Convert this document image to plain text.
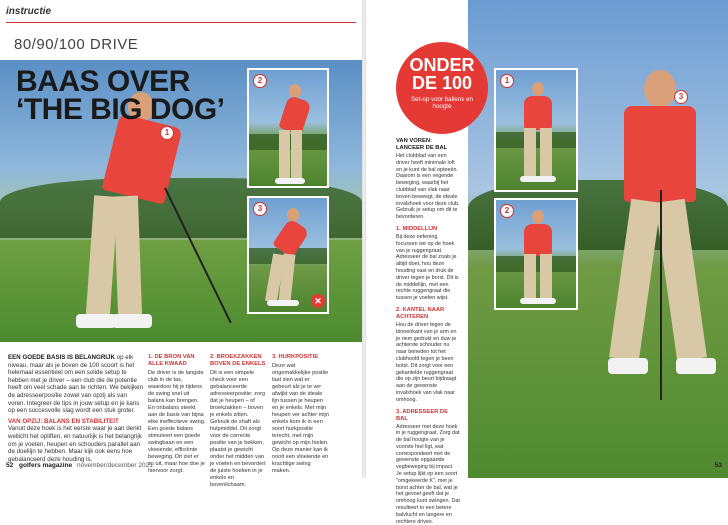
instructie
80/90/100 DRIVE
1
BAAS OVER
‘THE BIG DOG’
2
3
✕
EEN GOEDE BASIS IS BELANGRIJK op elk niveau, maar als je boven de 100 scoort is het helemaal essentieel om een solide setup te hebben met je driver – een club die de potentie heeft om veel schade aan te richten. We bekijken de adresseerpositie zowel van opzij als van voren. Integreer de tips in jouw setup en je kans op een succesvolle slag wordt een stuk groter.
VAN OPZIJ: BALANS EN STABILITEIT
Vanuit deze hoek is het eerste waar je aan denkt wellicht het opliften, en natuurlijk is het belangrijk om je voeten, heupen en schouders parallel aan de doellijn te hebben. Maar kijk ook eens hoe gebalanceerd deze houding is.
1. DE BRON VAN ALLE KWAAD
De driver is de langste club in de tas, waardoor hij je tijdens de swing snel uit balans kan brengen. En onbalans steekt aan de basis van bijna elke ineffectieve swing. Een goede balans stimuleert een goede swingbaan en een vloeiende, efficiënte beweging. Dit ziet er zo uit, maar hoe doe je hiervoor zorgt.
2. BROEKZAKKEN BOVEN DE ENKELS
Dit is een simpele check voor een gebalanceerde adresseerpositie: zorg dat je heupen – of broekzakken – boven je enkels zitten. Gebruik de shaft als hulpmiddel. Dit zorgt voor de correcte positie van je bekken, plaatst je gewicht onder het midden van je voeten en bevordert de juiste hoeken in je enkels en bovenlichaam.
3. HURKPOSITIE
Deze wat ongemakkelijke positie laat zien wat er gebeurt als je te ver afwijkt van de ideale lijn tussen je heupen en je enkels. Met mijn heupen ver achter mijn enkels kom ik in een soort hurkpositie terecht, met mijn gewicht op mijn hielen. Op deze manier kan ik nooit een vloeiende en krachtige swing maken.
52 golfers magazine november/december 2021
3
1
2
ONDER
DE 100
Set-up voor ballens en hoogte
VAN VOREN: LANCEER DE BAL
Het clubblad van een driver heeft minimale loft en je kunt de bal opteeën. Daarom is een vegende beweging, waarbij het clubblad van vlak naar boven beweegt, de ideale invalshoek voor deze club. Gebruik je setup om dit te bevorderen.
1. MIDDELLIJN
Bij deze oefening focussen we op de hoek van je ruggengraat. Adresseer de bal zoals je altijd doet, hou deze houding vast en druk de driver tegen je borst. Dit is de middellijn, met een rechte ruggengraat die tussen je voeten wijst.
2. KANTEL NAAR ACHTEREN
Hou de driver tegen de binnenkant van je arm en je riem gedrukt en duw je achterste schouder nu naar beneden tot het clubhoofd tegen je been botst. Dit zorgt voor een gekantelde ruggengraat die op zijn beurt bijdraagt aan de gewenste invalshoek van vlak naar omhoog.
3. ADRESSEER DE BAL
Adresseer met deze hoek in je ruggengraat. Zorg dat de bal hoogte van je voorste hiel ligt, wat correspondeert met de gewenste opgaande vegbeweging bij impact. Je setup lijkt op een soort "omgekeerde K", met je borst achter de bal, wat je het gevoel geeft dat je omhoog kunt swingen. Dat resulteert in een betere balvlucht en langere en rechtere drives.
53
